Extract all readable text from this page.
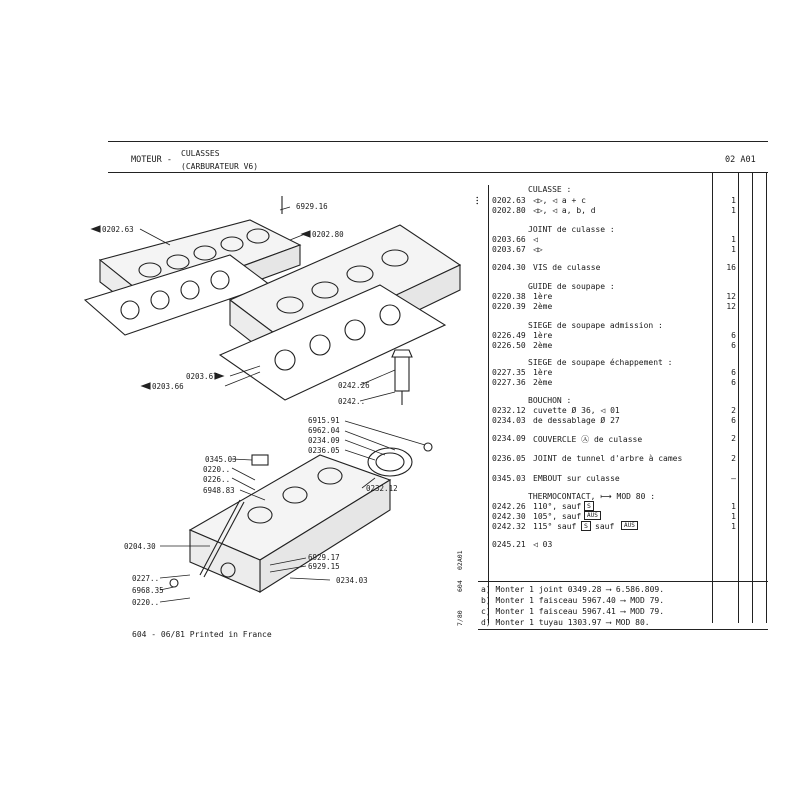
MOTEUR -
CULASSES
(CARBURATEUR V6)
02 A01
•••
CULASSE :
0202.63 ◁▷, ◁ a + c	1
0202.80 ◁▷, ◁ a, b, d	1
JOINT de culasse :
0203.66 ◁	1
0203.67 ◁▷	1
0204.30 VIS de culasse	16
GUIDE de soupape :
0220.38 1ère	12
0220.39 2ème	12
SIEGE de soupape admission :
0226.49 1ère	6
0226.50 2ème	6
SIEGE de soupape échappement :
0227.35 1ère	6
0227.36 2ème	6
BOUCHON :
0232.12 cuvette Ø 36, ◁ 01	2
0234.03 de dessablage Ø 27	6
0234.09 COUVERCLE Ⓐ de culasse	2
0236.05 JOINT de tunnel d'arbre à cames	2
0345.03 EMBOUT sur culasse	–
THERMOCONTACT, ⟼ MOD 80 :
0242.26 110°, sauf S	1
0242.30 105°, sauf AUS	1
0242.32 115° sauf	S sauf	AUS	1
0245.21 ◁ 03
a) Monter 1 joint 0349.28 ⟶ 6.586.809.
b) Monter 1 faisceau 5967.40 ⟶ MOD 79.
c) Monter 1 faisceau 5967.41 ⟶ MOD 79.
d) Monter 1 tuyau 1303.97 ⟶ MOD 80.
7/80
604
02A01
604 - 06/81 Printed in France
0202.63
6929.16
0202.80
0203.67
0203.66	0242.26
0242..
6915.91
6962.04
0234.09
0236.05
0345.03
0220..
0226..
6948.83	0232.12
0204.30
6929.17
6929.15
0227..	0234.03
6968.35
0220..
